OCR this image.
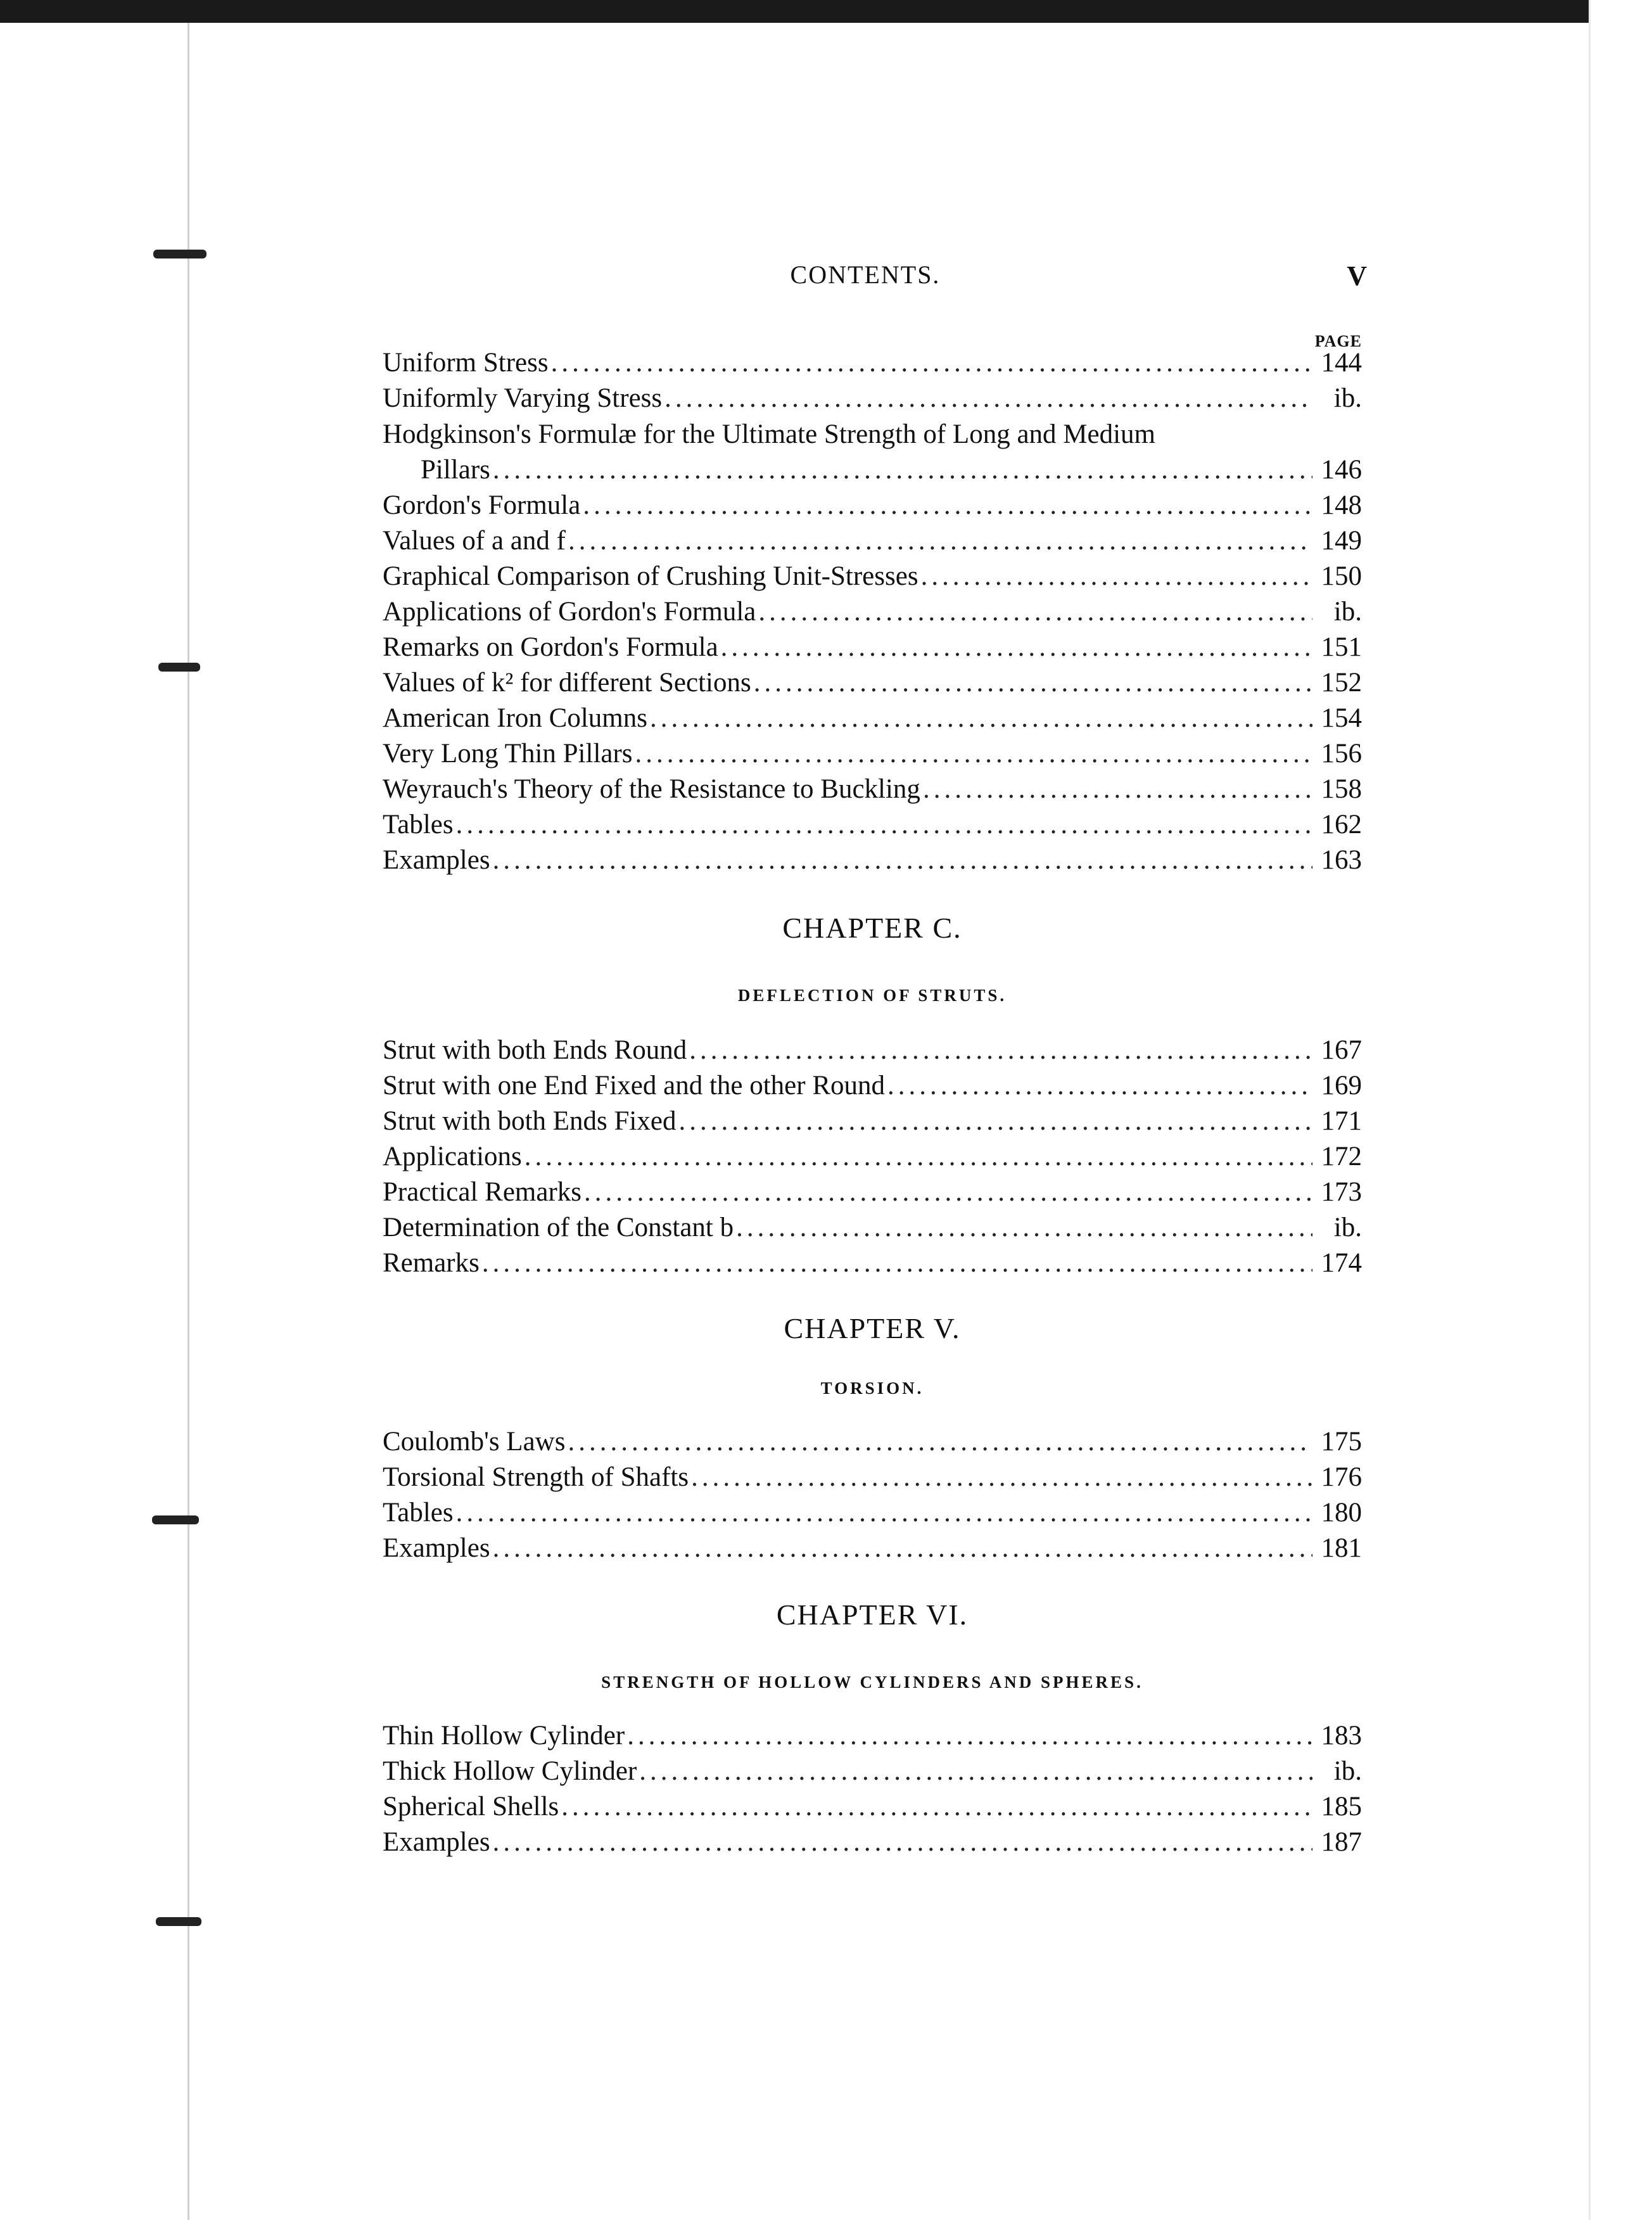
CONTENTS.	V
PAGE
Uniform Stress .....	144
Uniformly Varying Stress .....	ib.
Hodgkinson's Formulæ for the Ultimate Strength of Long and Medium
Pillars .....	146
Gordon's Formula .....	148
Values of a and f .....	149
Graphical Comparison of Crushing Unit-Stresses .....	150
Applications of Gordon's Formula .....	ib.
Remarks on Gordon's Formula .....	151
Values of k² for different Sections .....	152
American Iron Columns .....	154
Very Long Thin Pillars .....	156
Weyrauch's Theory of the Resistance to Buckling .....	158
Tables .....	162
Examples .....	163
Strut with both Ends Round .....	167
Strut with one End Fixed and the other Round .....	169
Strut with both Ends Fixed .....	171
Applications .....	172
Practical Remarks .....	173
Determination of the Constant b .....	ib.
Remarks .....	174
Coulomb's Laws .....	175
Torsional Strength of Shafts .....	176
Tables .....	180
Examples .....	181
Thin Hollow Cylinder .....	183
Thick Hollow Cylinder .....	ib.
Spherical Shells .....	185
Examples .....	187
CHAPTER C.
DEFLECTION OF STRUTS.
CHAPTER V.
TORSION.
CHAPTER VI.
STRENGTH OF HOLLOW CYLINDERS AND SPHERES.
